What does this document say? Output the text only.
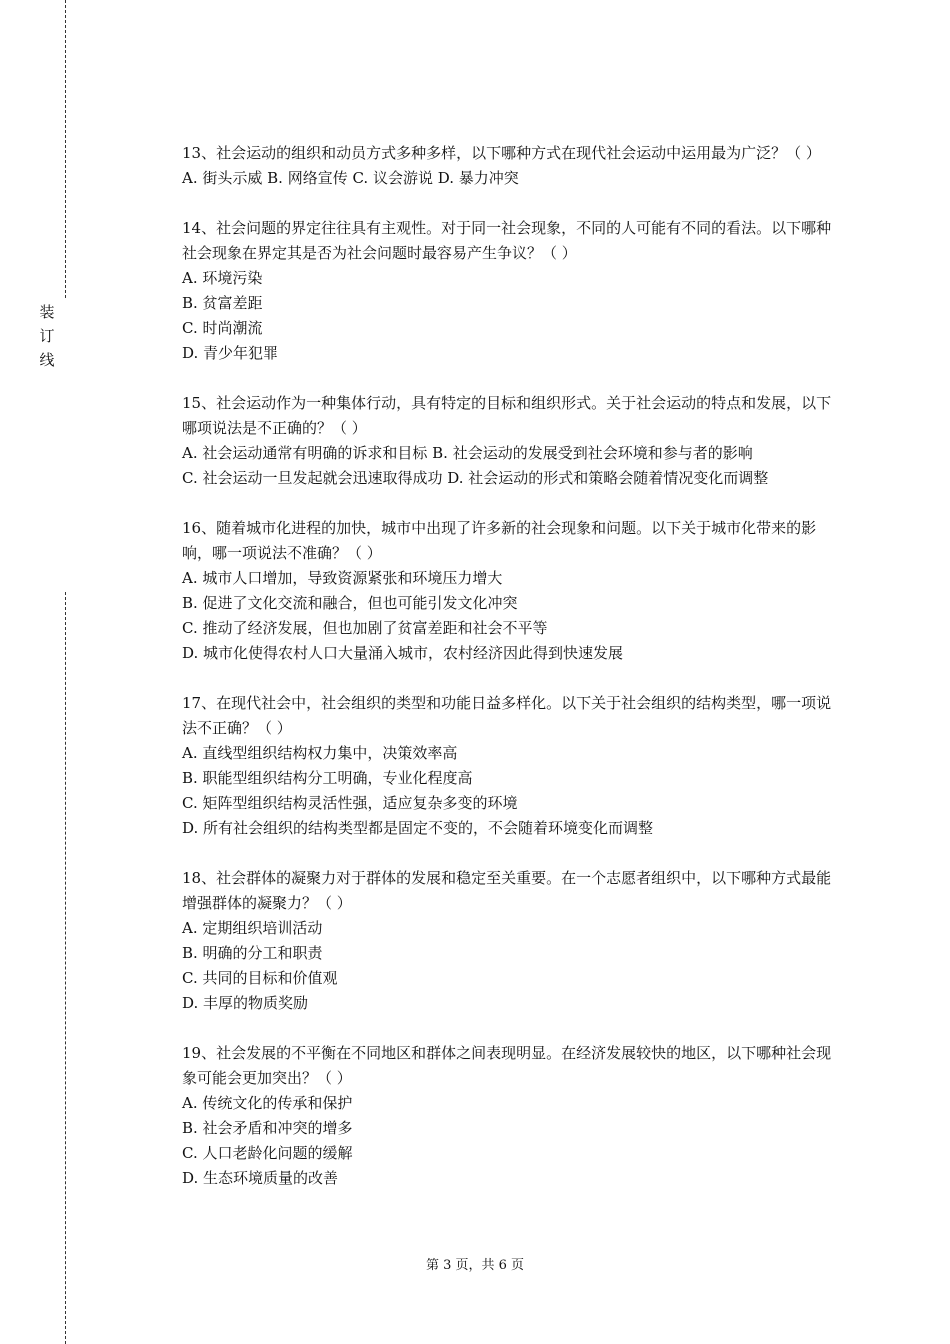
装
订
线

13、社会运动的组织和动员方式多种多样，以下哪种方式在现代社会运动中运用最为广泛？（ ）

A. 街头示威 B. 网络宣传 C. 议会游说 D. 暴力冲突

14、社会问题的界定往往具有主观性。对于同一社会现象，不同的人可能有不同的看法。以下哪种社会现象在界定其是否为社会问题时最容易产生争议？（ ）

A. 环境污染

B. 贫富差距

C. 时尚潮流

D. 青少年犯罪

15、社会运动作为一种集体行动，具有特定的目标和组织形式。关于社会运动的特点和发展，以下哪项说法是不正确的？（ ）

A. 社会运动通常有明确的诉求和目标 B. 社会运动的发展受到社会环境和参与者的影响

C. 社会运动一旦发起就会迅速取得成功 D. 社会运动的形式和策略会随着情况变化而调整

16、随着城市化进程的加快，城市中出现了许多新的社会现象和问题。以下关于城市化带来的影响，哪一项说法不准确？（ ）

A. 城市人口增加，导致资源紧张和环境压力增大

B. 促进了文化交流和融合，但也可能引发文化冲突

C. 推动了经济发展，但也加剧了贫富差距和社会不平等

D. 城市化使得农村人口大量涌入城市，农村经济因此得到快速发展

17、在现代社会中，社会组织的类型和功能日益多样化。以下关于社会组织的结构类型，哪一项说法不正确？（ ）

A. 直线型组织结构权力集中，决策效率高

B. 职能型组织结构分工明确，专业化程度高

C. 矩阵型组织结构灵活性强，适应复杂多变的环境

D. 所有社会组织的结构类型都是固定不变的，不会随着环境变化而调整

18、社会群体的凝聚力对于群体的发展和稳定至关重要。在一个志愿者组织中，以下哪种方式最能增强群体的凝聚力？（ ）

A. 定期组织培训活动

B. 明确的分工和职责

C. 共同的目标和价值观

D. 丰厚的物质奖励

19、社会发展的不平衡在不同地区和群体之间表现明显。在经济发展较快的地区，以下哪种社会现象可能会更加突出？（ ）

A. 传统文化的传承和保护

B. 社会矛盾和冲突的增多

C. 人口老龄化问题的缓解

D. 生态环境质量的改善

第 3 页，共 6 页
